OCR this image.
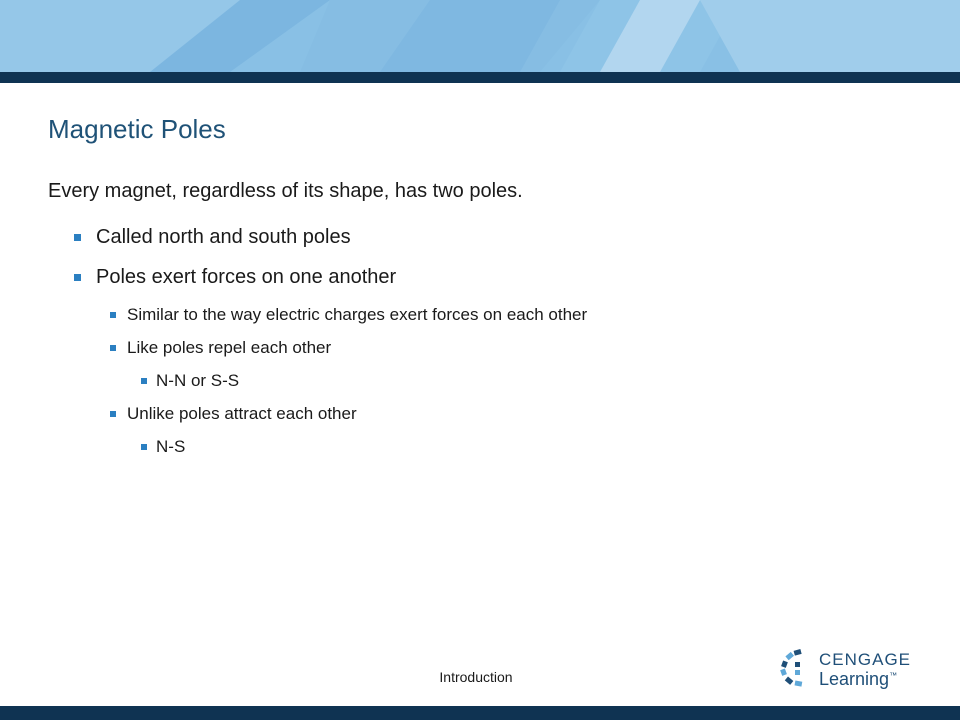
Magnetic Poles
Every magnet, regardless of its shape, has two poles.
Called north and south poles
Poles exert forces on one another
Similar to the way electric charges exert forces on each other
Like poles repel each other
N-N or S-S
Unlike poles attract each other
N-S
Introduction
CENGAGE
Learning™
